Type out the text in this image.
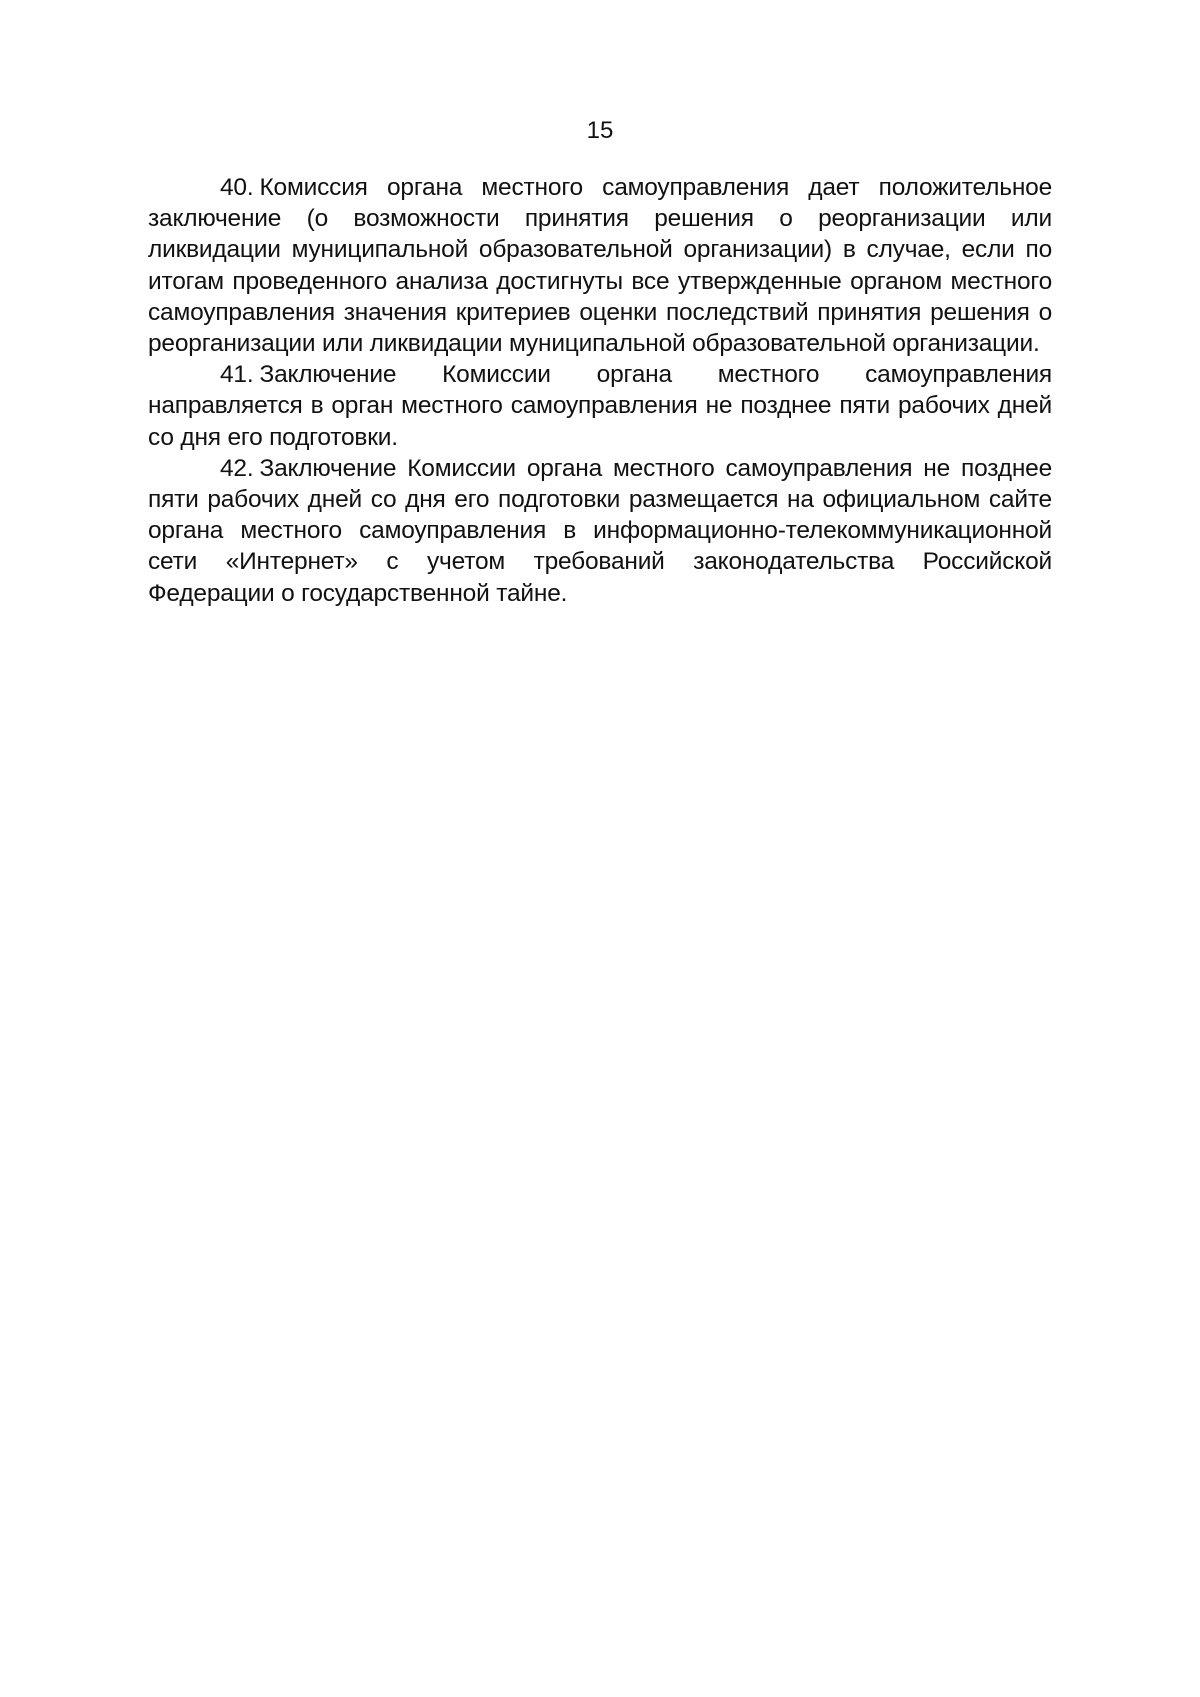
15

40. Комиссия органа местного самоуправления дает положительное заключение (о возможности принятия решения о реорганизации или ликвидации муниципальной образовательной организации) в случае, если по итогам проведенного анализа достигнуты все утвержденные органом местного самоуправления значения критериев оценки последствий принятия решения о реорганизации или ликвидации муниципальной образовательной организации.

41. Заключение Комиссии органа местного самоуправления направляется в орган местного самоуправления не позднее пяти рабочих дней со дня его подготовки.

42. Заключение Комиссии органа местного самоуправления не позднее пяти рабочих дней со дня его подготовки размещается на официальном сайте органа местного самоуправления в информационно-телекоммуникационной сети «Интернет» с учетом требований законодательства Российской Федерации о государственной тайне.
